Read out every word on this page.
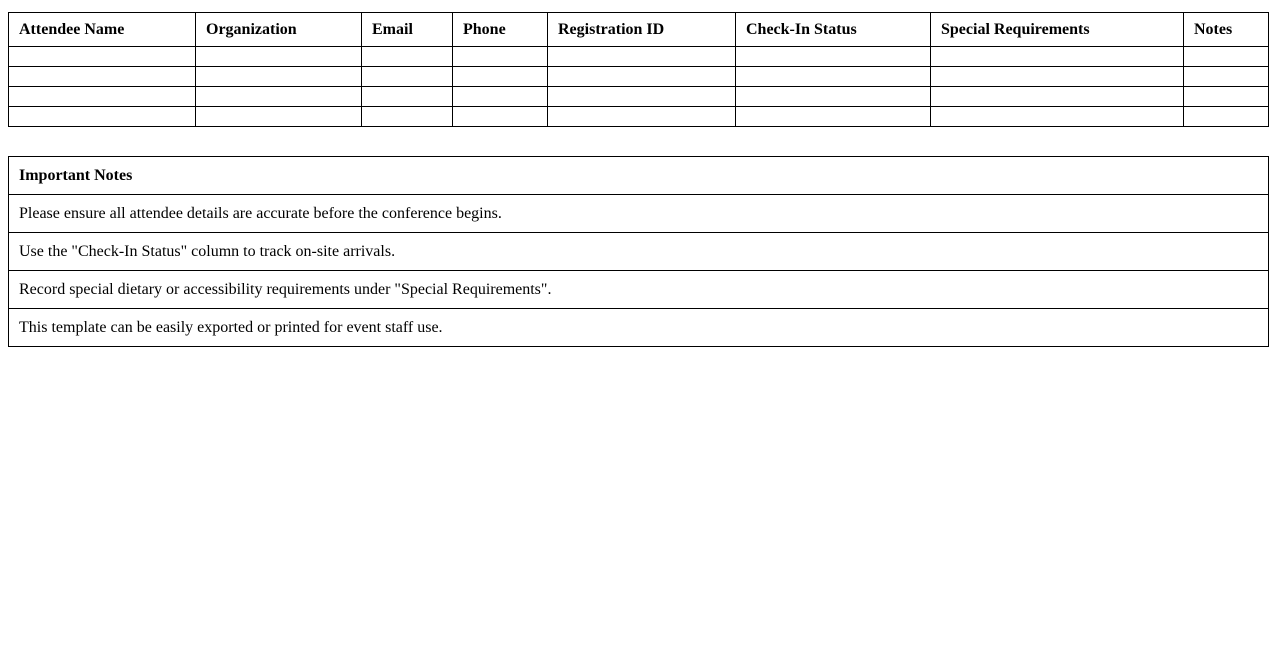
Attendee Name	Organization	Email	Phone	Registration ID	Check-In Status	Special Requirements	Notes

Important Notes
Please ensure all attendee details are accurate before the conference begins.
Use the "Check-In Status" column to track on-site arrivals.
Record special dietary or accessibility requirements under "Special Requirements".
This template can be easily exported or printed for event staff use.
